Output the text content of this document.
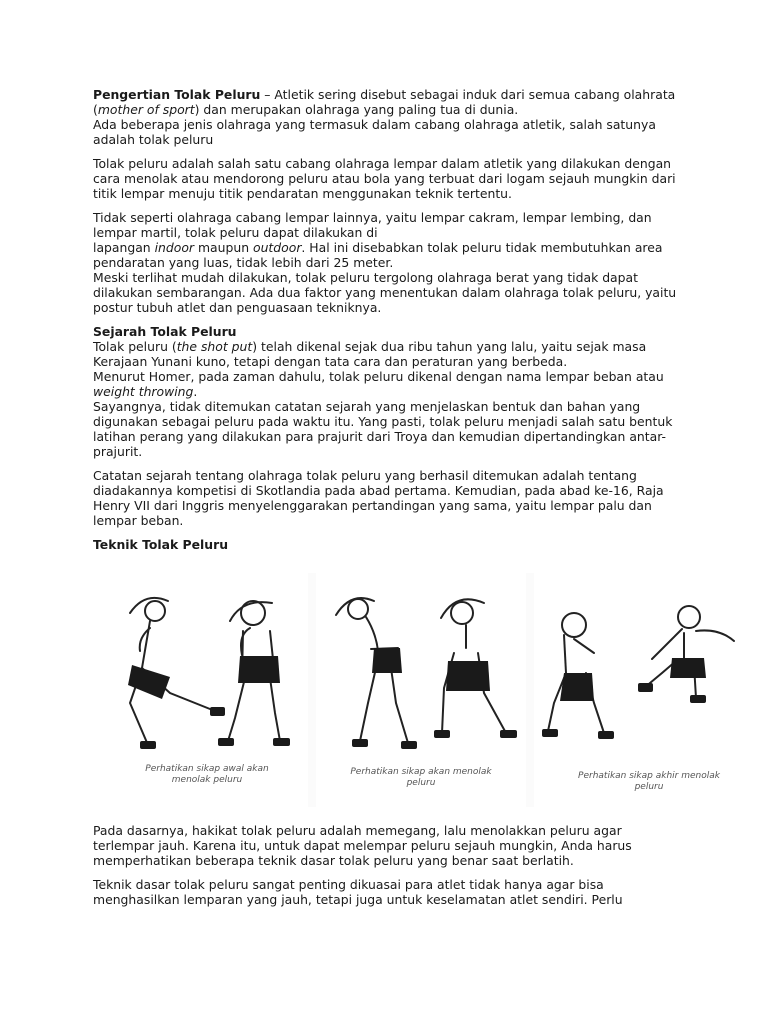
Pengertian Tolak Peluru – Atletik sering disebut sebagai induk dari semua cabang olahrata (mother of sport) dan merupakan olahraga yang paling tua di dunia.

Ada beberapa jenis olahraga yang termasuk dalam cabang olahraga atletik, salah satunya adalah tolak peluru

Tolak peluru adalah salah satu cabang olahraga lempar dalam atletik yang dilakukan dengan cara menolak atau mendorong peluru atau bola yang terbuat dari logam sejauh mungkin dari titik lempar menuju titik pendaratan menggunakan teknik tertentu.

Tidak seperti olahraga cabang lempar lainnya, yaitu lempar cakram, lempar lembing, dan lempar martil, tolak peluru dapat dilakukan di
lapangan indoor maupun outdoor. Hal ini disebabkan tolak peluru tidak membutuhkan area pendaratan yang luas, tidak lebih dari 25 meter.

Meski terlihat mudah dilakukan, tolak peluru tergolong olahraga berat yang tidak dapat dilakukan sembarangan. Ada dua faktor yang menentukan dalam olahraga tolak peluru, yaitu postur tubuh atlet dan penguasaan tekniknya.

Sejarah Tolak Peluru

Tolak peluru (the shot put) telah dikenal sejak dua ribu tahun yang lalu, yaitu sejak masa Kerajaan Yunani kuno, tetapi dengan tata cara dan peraturan yang berbeda.

Menurut Homer, pada zaman dahulu, tolak peluru dikenal dengan nama lempar beban atau weight throwing.

Sayangnya, tidak ditemukan catatan sejarah yang menjelaskan bentuk dan bahan yang digunakan sebagai peluru pada waktu itu. Yang pasti, tolak peluru menjadi salah satu bentuk latihan perang yang dilakukan para prajurit dari Troya dan kemudian dipertandingkan antar-prajurit.

Catatan sejarah tentang olahraga tolak peluru yang berhasil ditemukan adalah tentang diadakannya kompetisi di Skotlandia pada abad pertama. Kemudian, pada abad ke-16, Raja Henry VII dari Inggris menyelenggarakan pertandingan yang sama, yaitu lempar palu dan lempar beban.

Teknik Tolak Peluru

Perhatikan sikap awal akan menolak peluru
Perhatikan sikap akan menolak peluru
Perhatikan sikap akhir menolak peluru

Pada dasarnya, hakikat tolak peluru adalah memegang, lalu menolakkan peluru agar terlempar jauh. Karena itu, untuk dapat melempar peluru sejauh mungkin, Anda harus memperhatikan beberapa teknik dasar tolak peluru yang benar saat berlatih.

Teknik dasar tolak peluru sangat penting dikuasai para atlet tidak hanya agar bisa menghasilkan lemparan yang jauh, tetapi juga untuk keselamatan atlet sendiri. Perlu
